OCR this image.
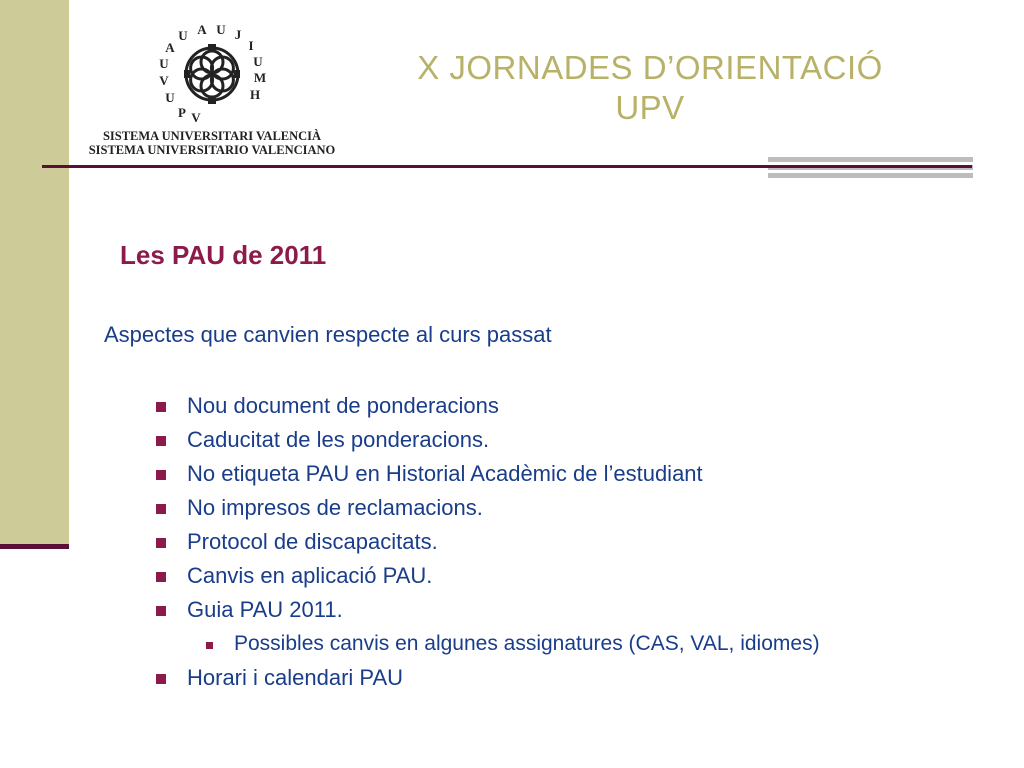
U
V
U
A
U A U J
I
U
M
H
P V
SISTEMA UNIVERSITARI VALENCIÀ
SISTEMA UNIVERSITARIO VALENCIANO
X JORNADES D’ORIENTACIÓ
UPV
Les PAU de 2011
Aspectes que canvien respecte al curs passat
Nou document de ponderacions
Caducitat de les ponderacions.
No etiqueta PAU en Historial Acadèmic de l’estudiant
No impresos de reclamacions.
Protocol de discapacitats.
Canvis en aplicació PAU.
Guia PAU 2011.
Possibles canvis en algunes assignatures (CAS, VAL, idiomes)
Horari i calendari PAU
